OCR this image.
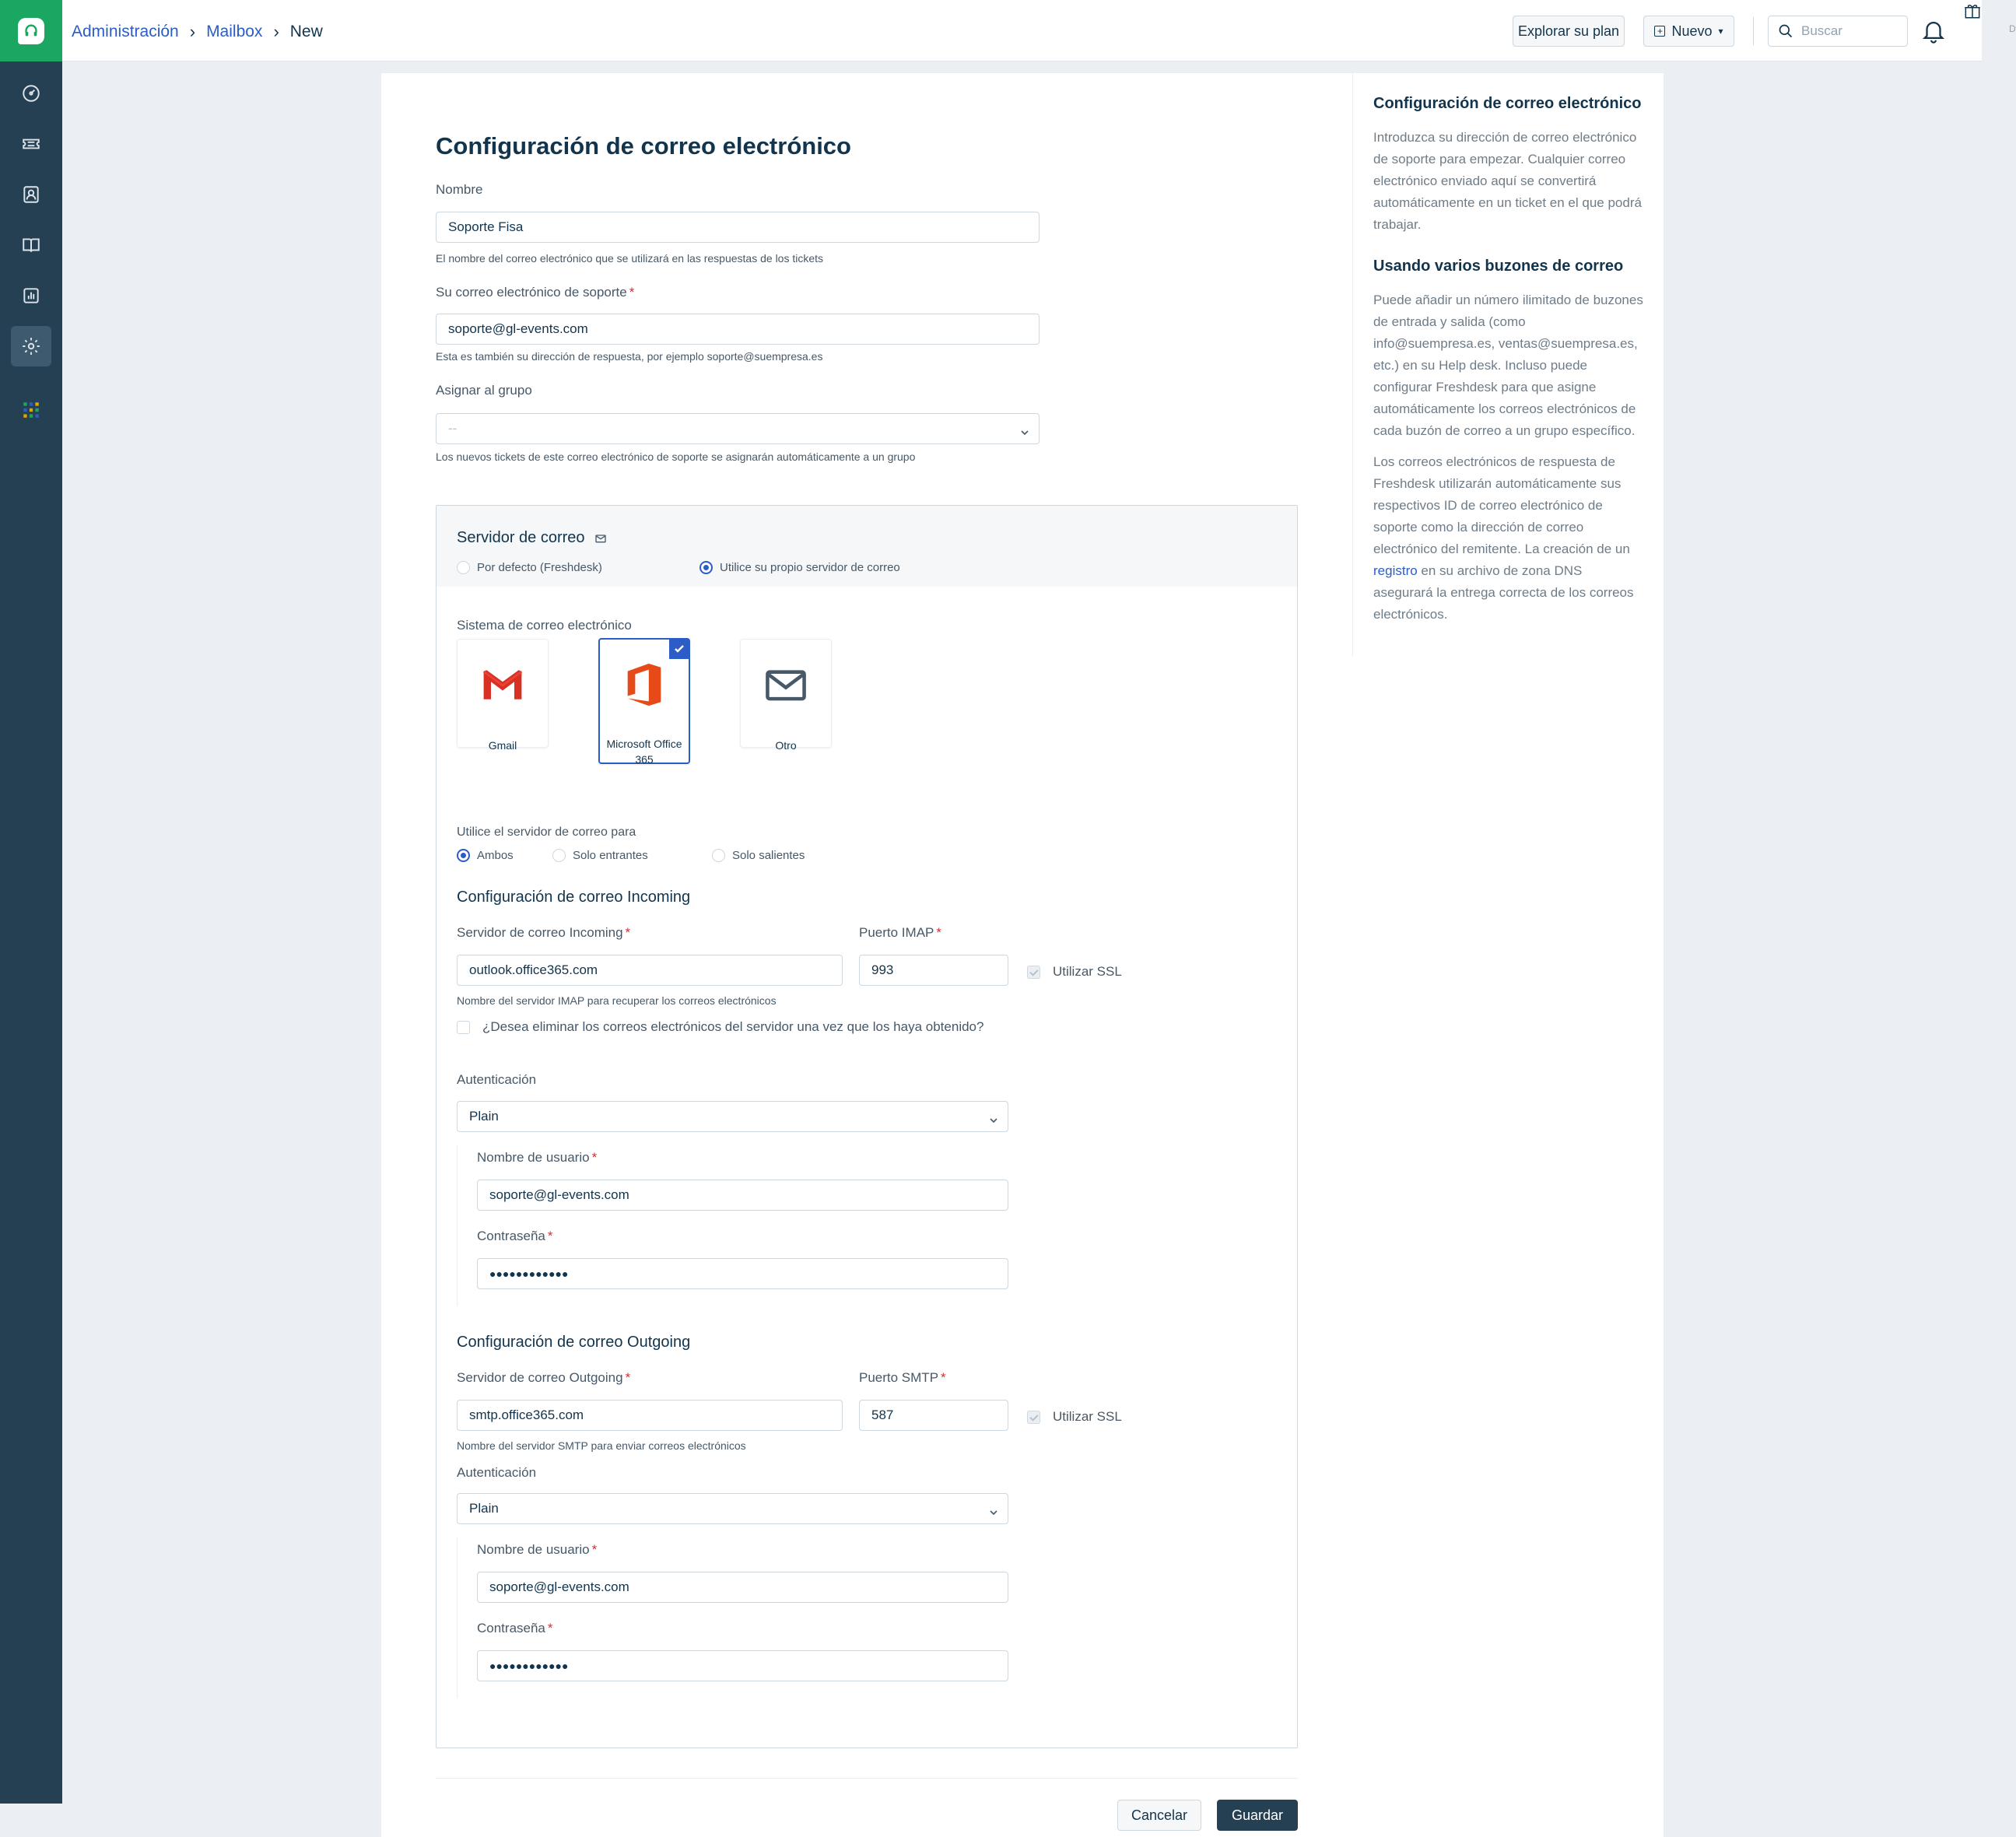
Administración › Mailbox › New	Explorar su plan	+ Nuevo ▾	Buscar	D
Configuración de correo electrónico
Nombre
Soporte Fisa
El nombre del correo electrónico que se utilizará en las respuestas de los tickets
Su correo electrónico de soporte *
soporte@gl-events.com
Esta es también su dirección de respuesta, por ejemplo soporte@suempresa.es
Asignar al grupo
--
Los nuevos tickets de este correo electrónico de soporte se asignarán automáticamente a un grupo
Servidor de correo
Por defecto (Freshdesk)	Utilice su propio servidor de correo
Sistema de correo electrónico
Gmail	Microsoft Office 365
Otro
Utilice el servidor de correo para
Ambos	Solo entrantes	Solo salientes
Configuración de correo Incoming
Servidor de correo Incoming *
outlook.office365.com
Puerto IMAP *
993	Utilizar SSL
Nombre del servidor IMAP para recuperar los correos electrónicos
¿Desea eliminar los correos electrónicos del servidor una vez que los haya obtenido?
Autenticación
Plain
Nombre de usuario *
soporte@gl-events.com
Contraseña *
●●●●●●●●●●●●
Configuración de correo Outgoing
Servidor de correo Outgoing *
smtp.office365.com
Puerto SMTP *
587	Utilizar SSL
Nombre del servidor SMTP para enviar correos electrónicos
Autenticación
Plain
Nombre de usuario *
soporte@gl-events.com
Contraseña *
●●●●●●●●●●●●
Cancelar	Guardar
Configuración de correo electrónico

Introduzca su dirección de correo electrónico de soporte para empezar. Cualquier correo electrónico enviado aquí se convertirá automáticamente en un ticket en el que podrá trabajar.

Usando varios buzones de correo

Puede añadir un número ilimitado de buzones de entrada y salida (como info@suempresa.es, ventas@suempresa.es, etc.) en su Help desk. Incluso puede configurar Freshdesk para que asigne automáticamente los correos electrónicos de cada buzón de correo a un grupo específico.

Los correos electrónicos de respuesta de Freshdesk utilizarán automáticamente sus respectivos ID de correo electrónico de soporte como la dirección de correo electrónico del remitente. La creación de un registro en su archivo de zona DNS asegurará la entrega correcta de los correos electrónicos.
